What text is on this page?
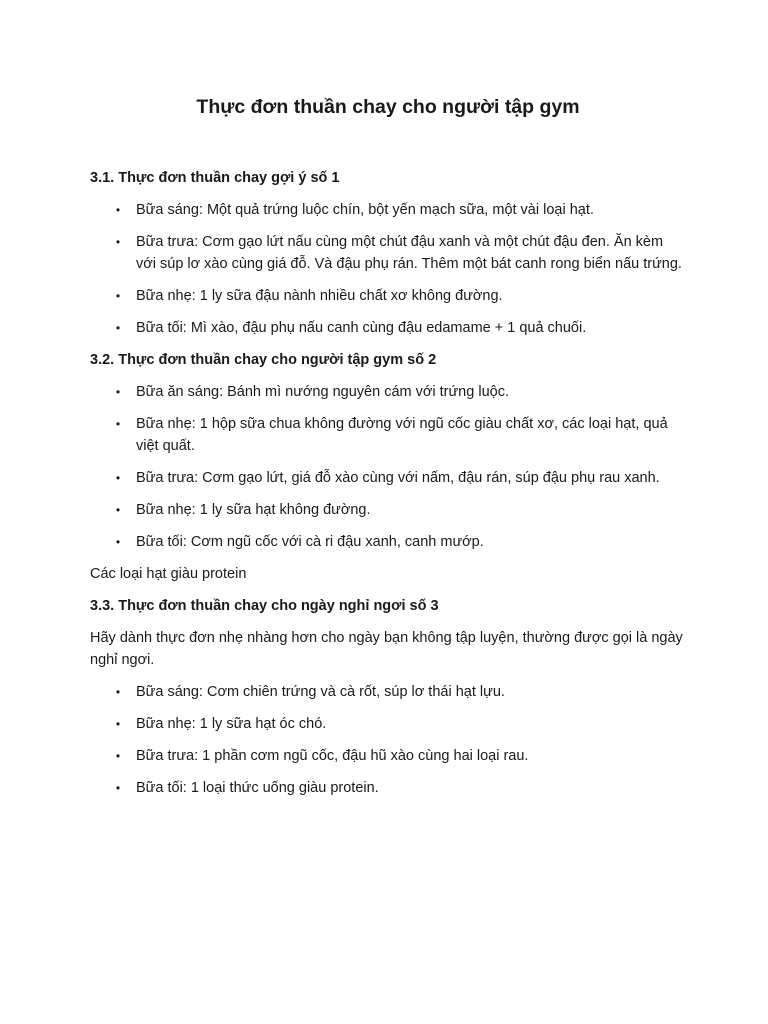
Thực đơn thuần chay cho người tập gym
3.1. Thực đơn thuần chay gợi ý số 1
• Bữa sáng: Một quả trứng luộc chín, bột yến mạch sữa, một vài loại hạt.
• Bữa trưa: Cơm gạo lứt nấu cùng một chút đậu xanh và một chút đậu đen. Ăn kèm với súp lơ xào cùng giá đỗ. Và đậu phụ rán. Thêm một bát canh rong biển nấu trứng.
• Bữa nhẹ: 1 ly sữa đậu nành nhiều chất xơ không đường.
• Bữa tối: Mì xào, đậu phụ nấu canh cùng đậu edamame + 1 quả chuối.
3.2. Thực đơn thuần chay cho người tập gym số 2
• Bữa ăn sáng: Bánh mì nướng nguyên cám với trứng luộc.
• Bữa nhẹ: 1 hộp sữa chua không đường với ngũ cốc giàu chất xơ, các loại hạt, quả việt quất.
• Bữa trưa: Cơm gạo lứt, giá đỗ xào cùng với nấm, đậu rán, súp đậu phụ rau xanh.
• Bữa nhẹ: 1 ly sữa hạt không đường.
• Bữa tối: Cơm ngũ cốc với cà ri đậu xanh, canh mướp.
Các loại hạt giàu protein
3.3. Thực đơn thuần chay cho ngày nghỉ ngơi số 3
Hãy dành thực đơn nhẹ nhàng hơn cho ngày bạn không tập luyện, thường được gọi là ngày nghỉ ngơi.
• Bữa sáng: Cơm chiên trứng và cà rốt, súp lơ thái hạt lựu.
• Bữa nhẹ: 1 ly sữa hạt óc chó.
• Bữa trưa: 1 phần cơm ngũ cốc, đậu hũ xào cùng hai loại rau.
• Bữa tối: 1 loại thức uống giàu protein.
